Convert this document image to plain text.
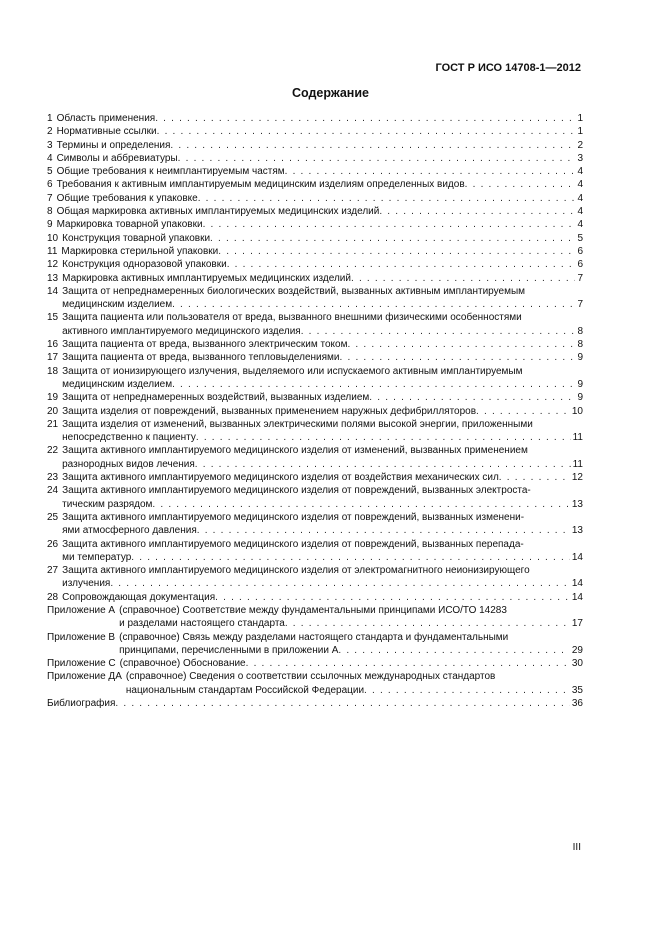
ГОСТ Р ИСО 14708-1—2012
Содержание
1 Область применения . . .	1
2 Нормативные ссылки . . .	1
3 Термины и определения . . .	2
4 Символы и аббревиатуры . . .	3
5 Общие требования к неимплантируемым частям . . .	4
6 Требования к активным имплантируемым медицинским изделиям определенных видов . . .	4
7 Общие требования к упаковке . . .	4
8 Общая маркировка активных имплантируемых медицинских изделий . . .	4
9 Маркировка товарной упаковки . . .	4
10 Конструкция товарной упаковки . . .	5
11 Маркировка стерильной упаковки . . .	6
12 Конструкция одноразовой упаковки . . .	6
13 Маркировка активных имплантируемых медицинских изделий . . .	7
14 Защита от непреднамеренных биологических воздействий, вызванных активным имплантируемым
медицинским изделием . . .	7
15 Защита пациента или пользователя от вреда, вызванного внешними физическими особенностями
активного имплантируемого медицинского изделия . . .	8
16 Защита пациента от вреда, вызванного электрическим током . . .	8
17 Защита пациента от вреда, вызванного тепловыделениями . . .	9
18 Защита от ионизирующего излучения, выделяемого или испускаемого активным имплантируемым
медицинским изделием . . .	9
19 Защита от непреднамеренных воздействий, вызванных изделием . . .	9
20 Защита изделия от повреждений, вызванных применением наружных дефибрилляторов . . .	10
21 Защита изделия от изменений, вызванных электрическими полями высокой энергии, приложенными
непосредственно к пациенту . . .	11
22 Защита активного имплантируемого медицинского изделия от изменений, вызванных применением
разнородных видов лечения . . .	11
23 Защита активного имплантируемого медицинского изделия от воздействия механических сил . . .	12
24 Защита активного имплантируемого медицинского изделия от повреждений, вызванных электроста-
тическим разрядом . . .	13
25 Защита активного имплантируемого медицинского изделия от повреждений, вызванных изменени-
ями атмосферного давления . . .	13
26 Защита активного имплантируемого медицинского изделия от повреждений, вызванных перепада-
ми температур . . .	14
27 Защита активного имплантируемого медицинского изделия от электромагнитного неионизирующего
излучения . . .	14
28 Сопровождающая документация . . .	14
Приложение А (справочное) Соответствие между фундаментальными принципами ИСО/ТО 14283
и разделами настоящего стандарта . . .	17
Приложение В (справочное) Связь между разделами настоящего стандарта и фундаментальными
принципами, перечисленными в приложении А . . .	29
Приложение С (справочное) Обоснование . . .	30
Приложение ДА (справочное) Сведения о соответствии ссылочных международных стандартов
национальным стандартам Российской Федерации . . .	35
Библиография . . .	36
III
